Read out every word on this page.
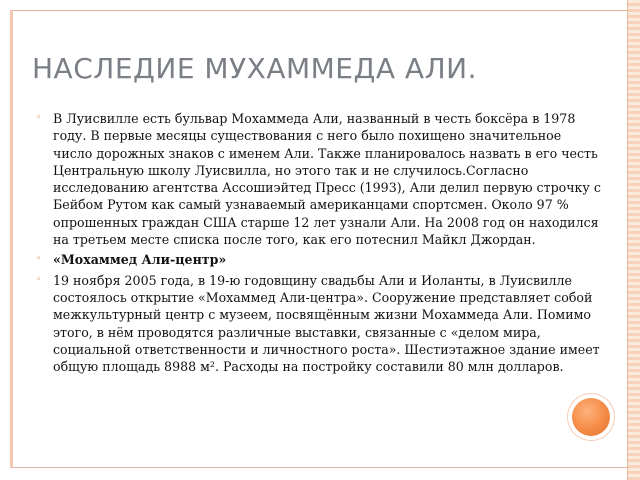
НАСЛЕДИЕ МУХАММЕДА АЛИ.
◦ В Луисвилле есть бульвар Мохаммеда Али, названный в честь боксёра в 1978 году. В первые месяцы существования с него было похищено значительное число дорожных знаков с именем Али. Также планировалось назвать в его честь Центральную школу Луисвилла, но этого так и не случилось.Согласно исследованию агентства Ассошиэйтед Пресс (1993), Али делил первую строчку с Бейбом Рутом как самый узнаваемый американцами спортсмен. Около 97 % опрошенных граждан США старше 12 лет узнали Али. На 2008 год он находился на третьем месте списка после того, как его потеснил Майкл Джордан.
◦ «Мохаммед Али-центр»
◦ 19 ноября 2005 года, в 19-ю годовщину свадьбы Али и Иоланты, в Луисвилле состоялось открытие «Мохаммед Али-центра». Сооружение представляет собой межкультурный центр с музеем, посвящённым жизни Мохаммеда Али. Помимо этого, в нём проводятся различные выставки, связанные с «делом мира, социальной ответственности и личностного роста». Шестиэтажное здание имеет общую площадь 8988 м². Расходы на постройку составили 80 млн долларов.
